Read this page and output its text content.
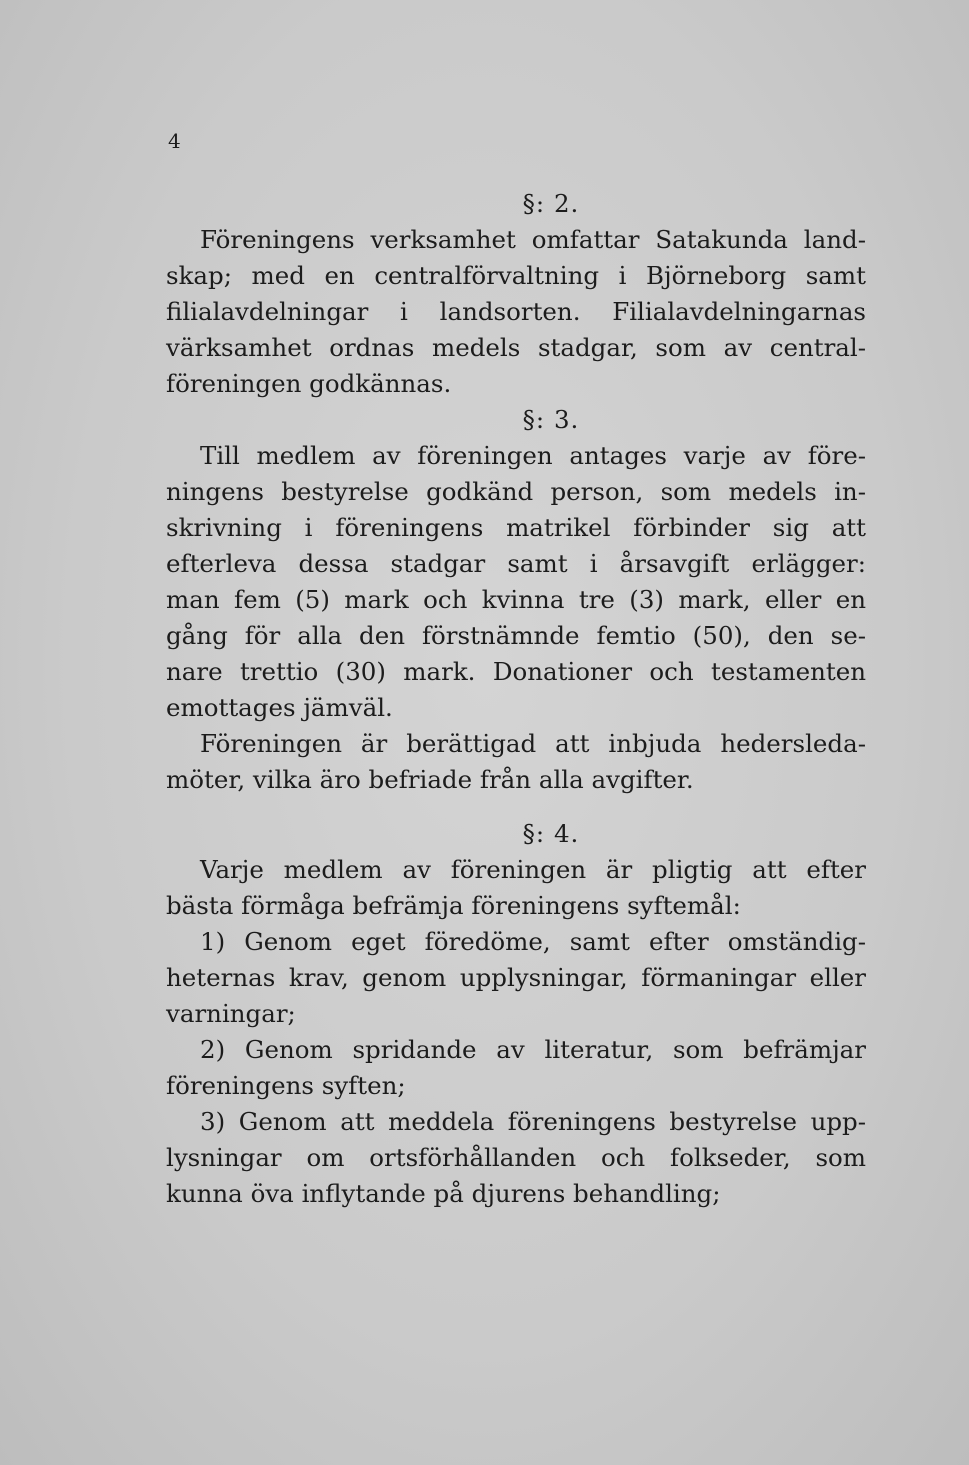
4
§: 2.
Föreningens verksamhet omfattar Satakunda land-
skap; med en centralförvaltning i Björneborg samt
filialavdelningar i landsorten. Filialavdelningarnas
värksamhet ordnas medels stadgar, som av central-
föreningen godkännas.
§: 3.
Till medlem av föreningen antages varje av före-
ningens bestyrelse godkänd person, som medels in-
skrivning i föreningens matrikel förbinder sig att
efterleva dessa stadgar samt i årsavgift erlägger:
man fem (5) mark och kvinna tre (3) mark, eller en
gång för alla den förstnämnde femtio (50), den se-
nare trettio (30) mark. Donationer och testamenten
emottages jämväl.
Föreningen är berättigad att inbjuda hedersleda-
möter, vilka äro befriade från alla avgifter.
§: 4.
Varje medlem av föreningen är pligtig att efter
bästa förmåga befrämja föreningens syftemål:
1) Genom eget föredöme, samt efter omständig-
heternas krav, genom upplysningar, förmaningar eller
varningar;
2) Genom spridande av literatur, som befrämjar
föreningens syften;
3) Genom att meddela föreningens bestyrelse upp-
lysningar om ortsförhållanden och folkseder, som
kunna öva inflytande på djurens behandling;
